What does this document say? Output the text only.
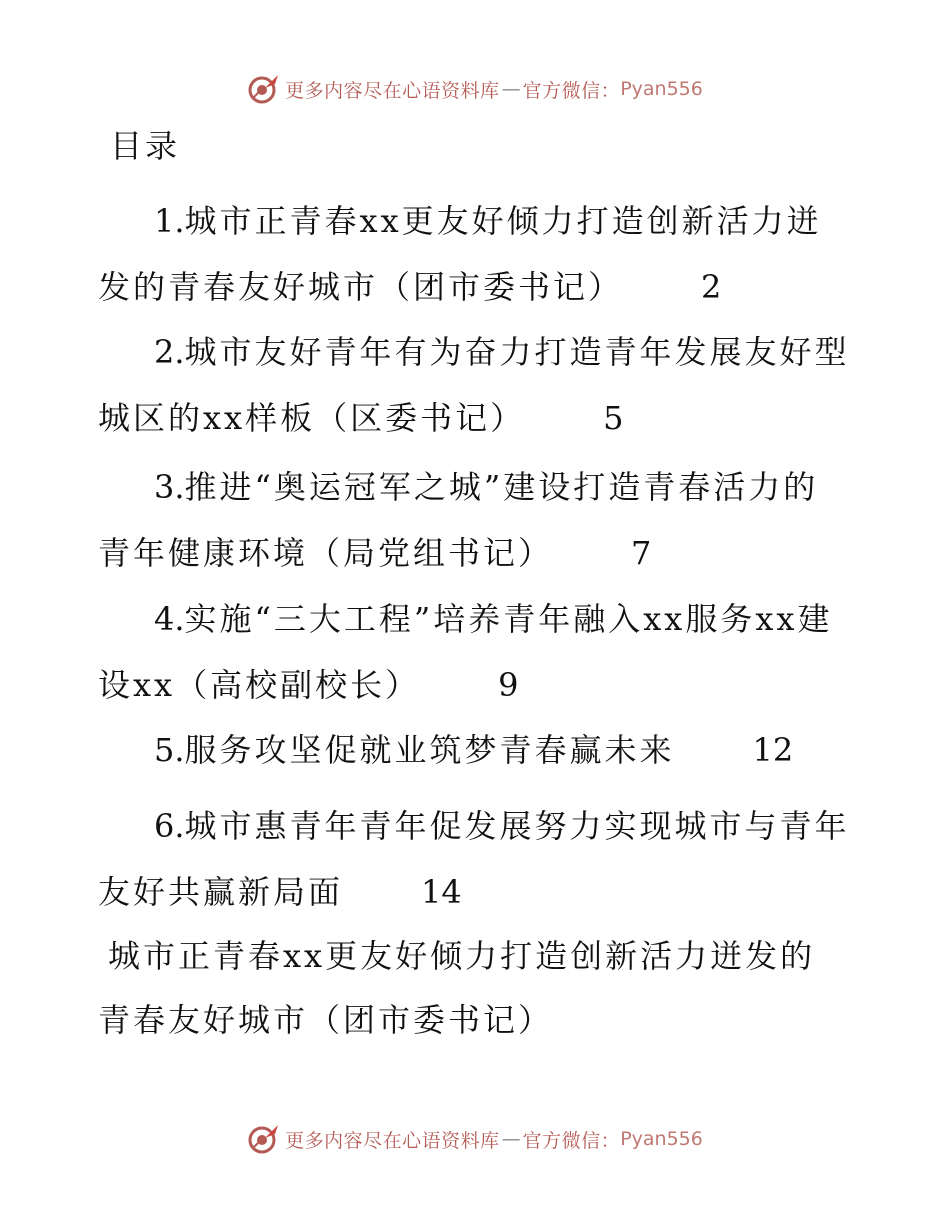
更多内容尽在心语资料库 — 官方微信： Pyan556
目录

1.城市正青春xx更友好倾力打造创新活力迸发的青春友好城市（团市委书记） 2

2.城市友好青年有为奋力打造青年发展友好型城区的xx样板（区委书记） 5

3.推进“奥运冠军之城”建设打造青春活力的青年健康环境（局党组书记） 7

4.实施“三大工程”培养青年融入xx服务xx建设xx（高校副校长） 9

5.服务攻坚促就业筑梦青春赢未来 12

6.城市惠青年青年促发展努力实现城市与青年友好共赢新局面 14

城市正青春xx更友好倾力打造创新活力迸发的青春友好城市（团市委书记）

更多内容尽在心语资料库 — 官方微信： Pyan556
